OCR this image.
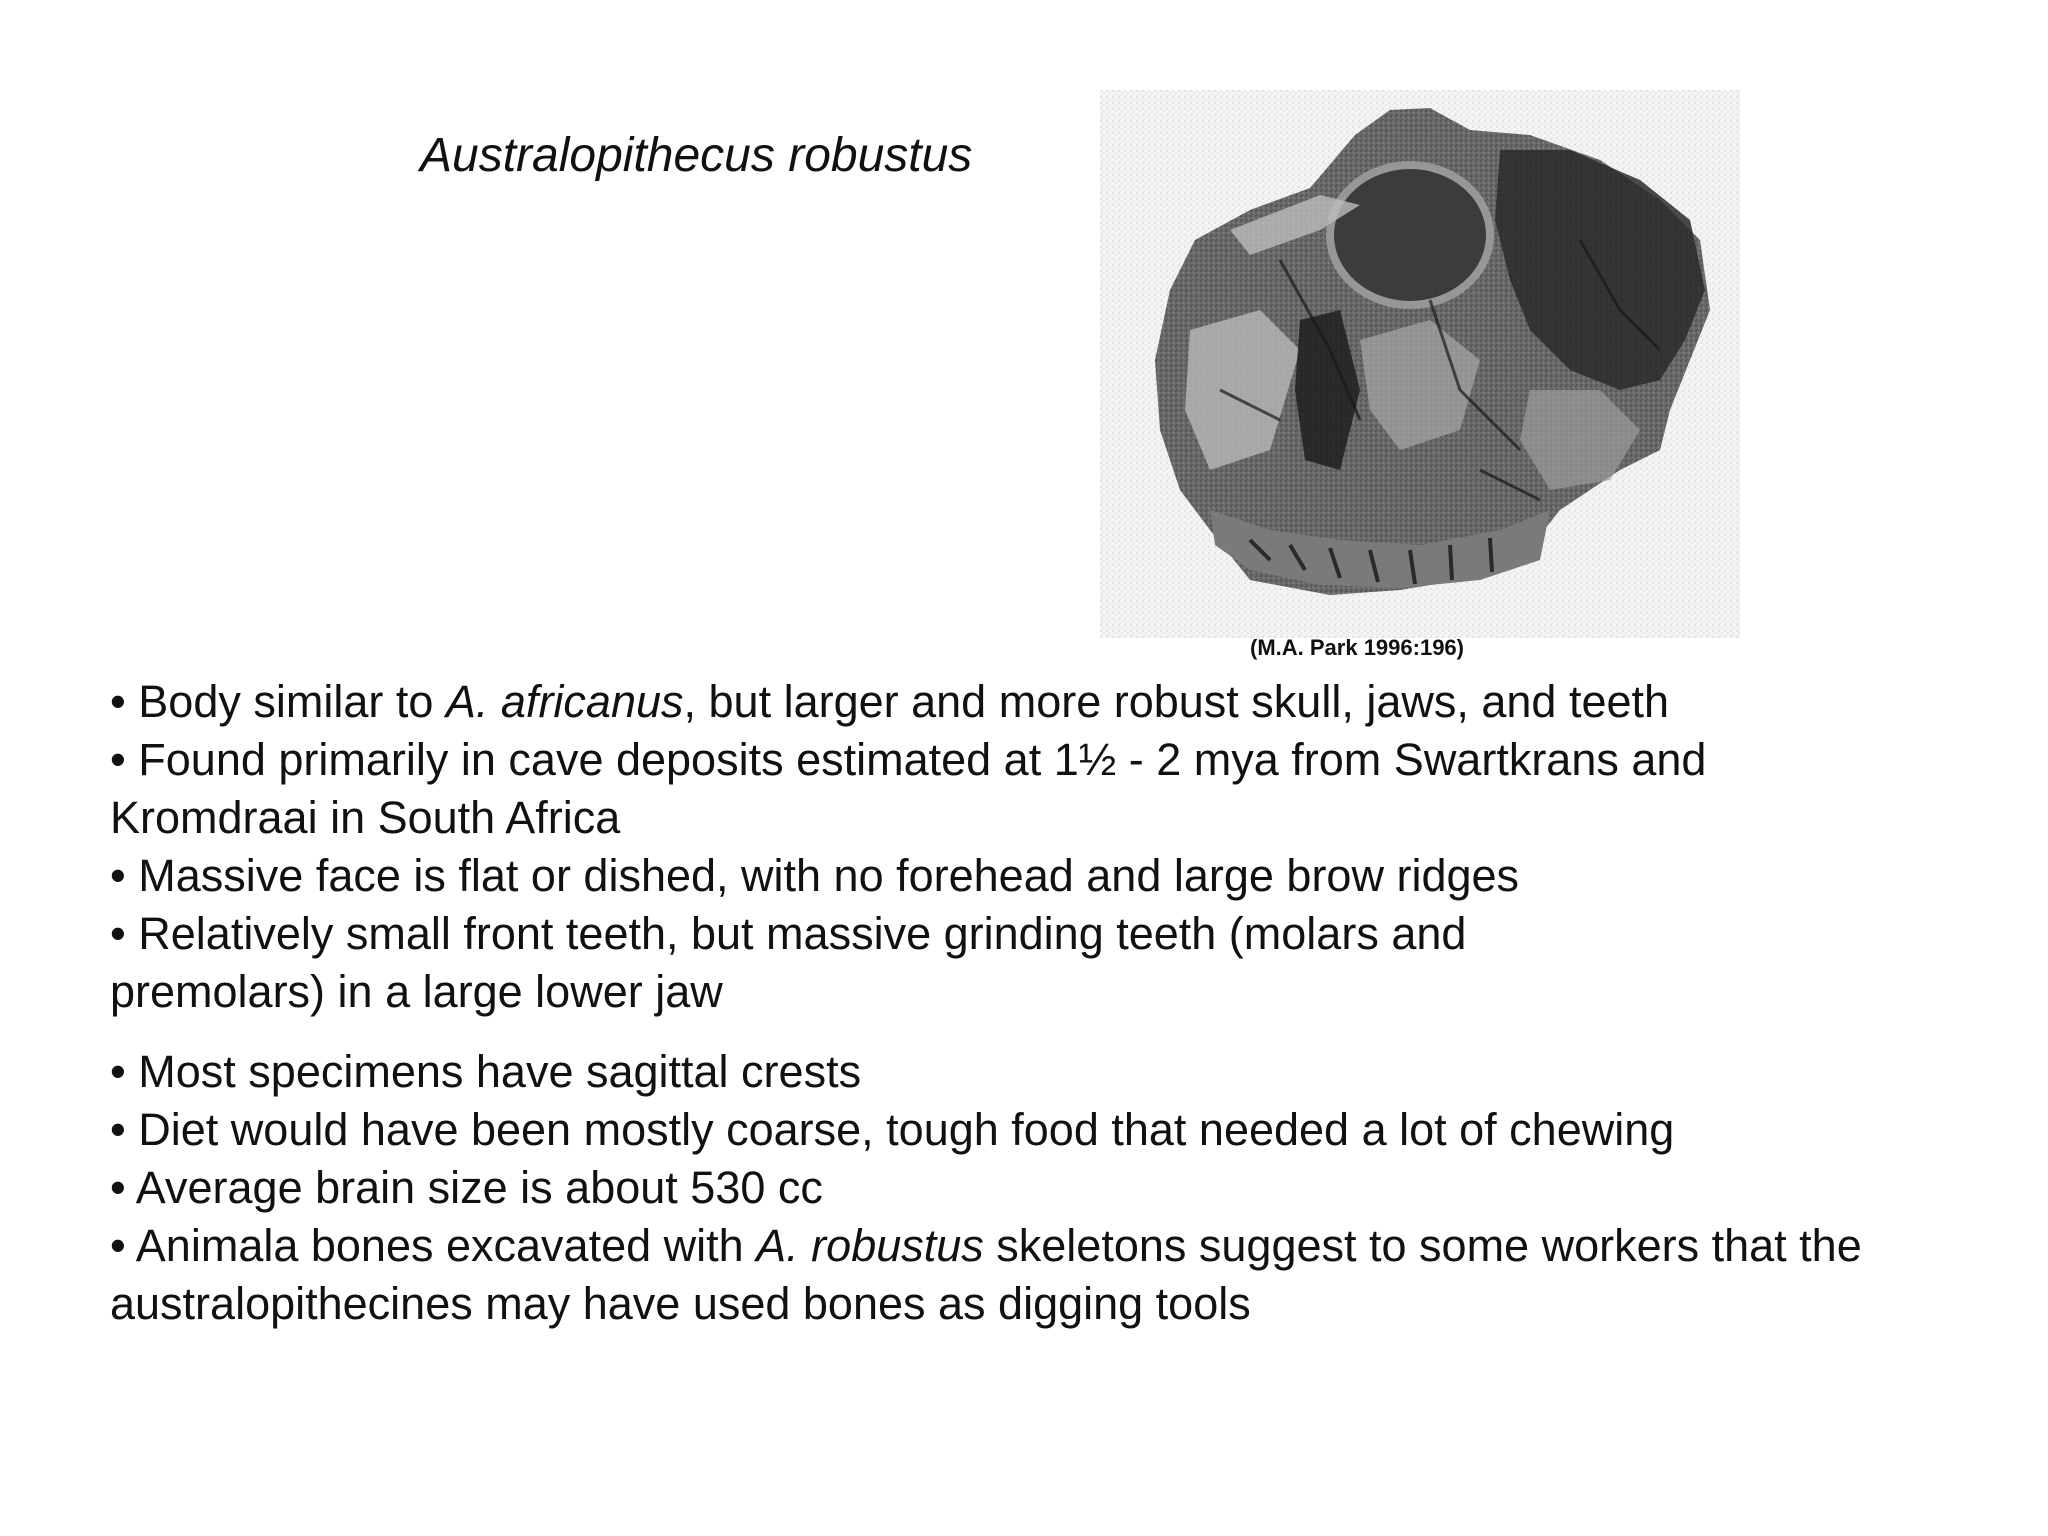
Australopithecus robustus
(M.A. Park 1996:196)
• Body similar to A. africanus, but larger and more robust skull, jaws, and teeth
• Found primarily in cave deposits estimated at 1½ - 2 mya from Swartkrans and Kromdraai in South Africa
• Massive face is flat or dished, with no forehead and large brow ridges
• Relatively small front teeth, but massive grinding teeth (molars and premolars) in a large lower jaw
• Most specimens have sagittal crests
• Diet would have been mostly coarse, tough food that needed a lot of chewing
• Average brain size is about 530 cc
• Animala bones excavated with A. robustus skeletons suggest to some workers that the australopithecines may have used bones as digging tools
